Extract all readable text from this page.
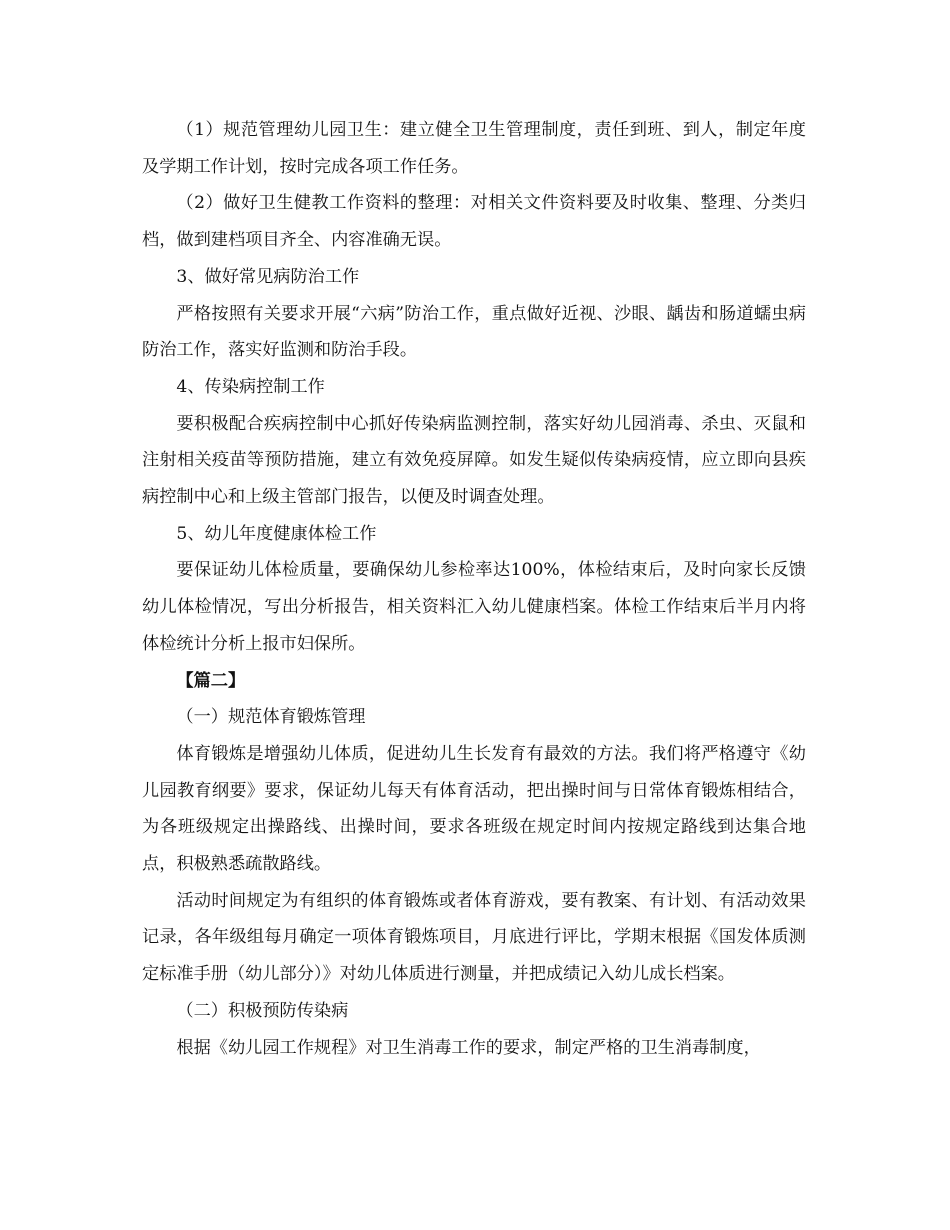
（1）规范管理幼儿园卫生：建立健全卫生管理制度，责任到班、到人，制定年度及学期工作计划，按时完成各项工作任务。

（2）做好卫生健教工作资料的整理：对相关文件资料要及时收集、整理、分类归档，做到建档项目齐全、内容准确无误。

3、做好常见病防治工作

严格按照有关要求开展“六病”防治工作，重点做好近视、沙眼、龋齿和肠道蠕虫病防治工作，落实好监测和防治手段。

4、传染病控制工作

要积极配合疾病控制中心抓好传染病监测控制，落实好幼儿园消毒、杀虫、灭鼠和注射相关疫苗等预防措施，建立有效免疫屏障。如发生疑似传染病疫情，应立即向县疾病控制中心和上级主管部门报告，以便及时调查处理。

5、幼儿年度健康体检工作

要保证幼儿体检质量，要确保幼儿参检率达100%，体检结束后，及时向家长反馈幼儿体检情况，写出分析报告，相关资料汇入幼儿健康档案。体检工作结束后半月内将体检统计分析上报市妇保所。

【篇二】

（一）规范体育锻炼管理

体育锻炼是增强幼儿体质，促进幼儿生长发育有最效的方法。我们将严格遵守《幼儿园教育纲要》要求，保证幼儿每天有体育活动，把出操时间与日常体育锻炼相结合，为各班级规定出操路线、出操时间，要求各班级在规定时间内按规定路线到达集合地点，积极熟悉疏散路线。

活动时间规定为有组织的体育锻炼或者体育游戏，要有教案、有计划、有活动效果记录，各年级组每月确定一项体育锻炼项目，月底进行评比，学期末根据《国发体质测定标准手册（幼儿部分）》对幼儿体质进行测量，并把成绩记入幼儿成长档案。

（二）积极预防传染病

根据《幼儿园工作规程》对卫生消毒工作的要求，制定严格的卫生消毒制度，
